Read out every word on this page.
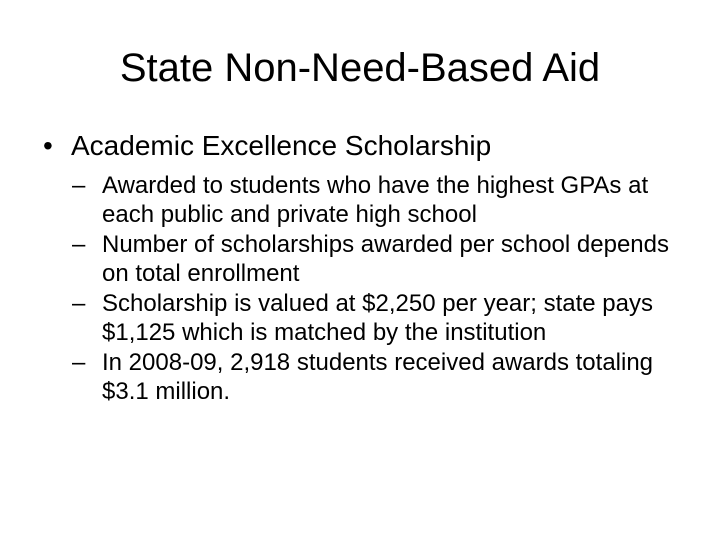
State Non-Need-Based Aid
• Academic Excellence Scholarship
– Awarded to students who have the highest GPAs at each public and private high school
– Number of scholarships awarded per school depends on total enrollment
– Scholarship is valued at $2,250 per year; state pays $1,125 which is matched by the institution
– In 2008-09, 2,918 students received awards totaling $3.1 million.
